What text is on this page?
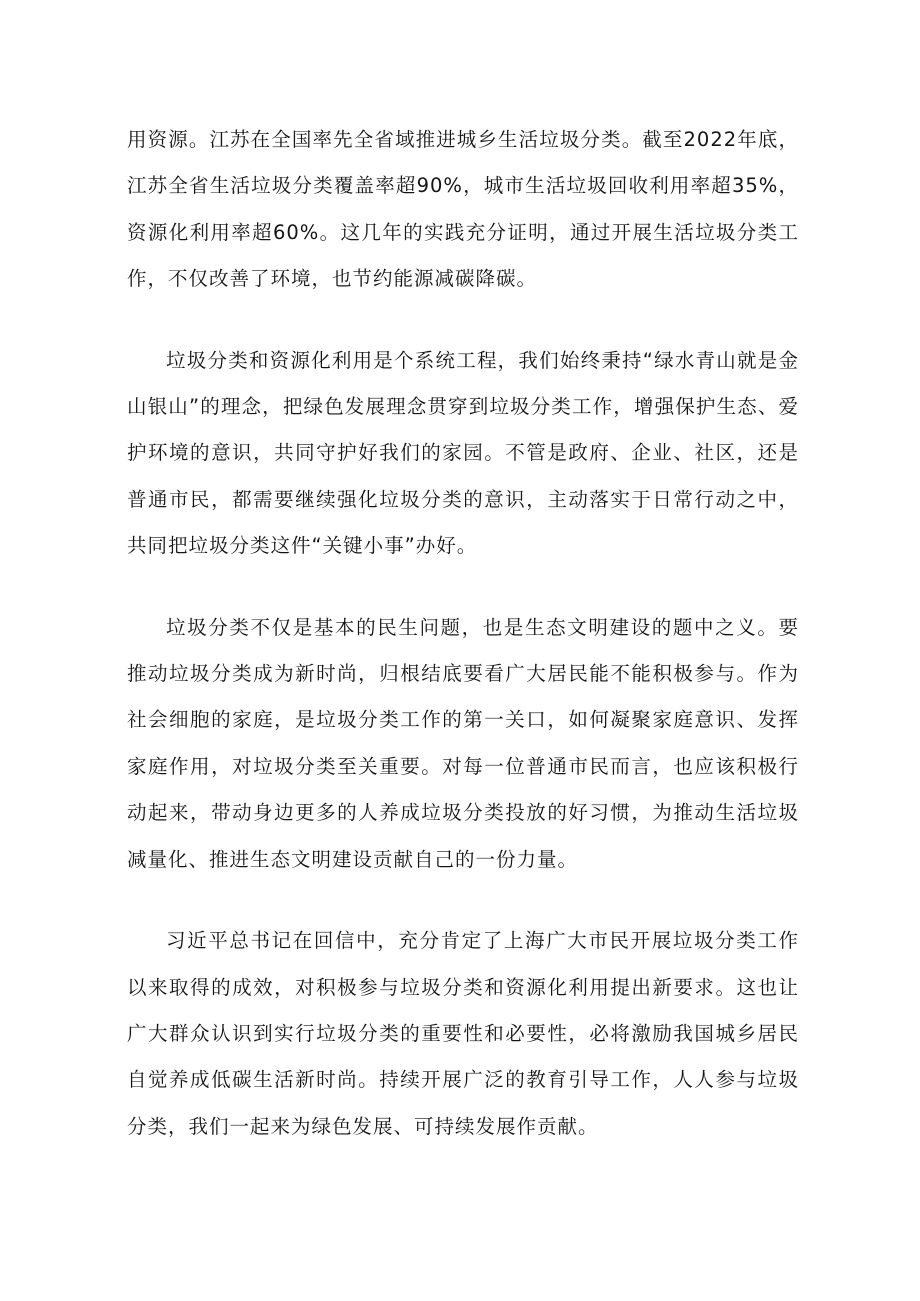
用资源。江苏在全国率先全省域推进城乡生活垃圾分类。截至2022年底，江苏全省生活垃圾分类覆盖率超90%，城市生活垃圾回收利用率超35%，资源化利用率超60%。这几年的实践充分证明，通过开展生活垃圾分类工作，不仅改善了环境，也节约能源减碳降碳。

垃圾分类和资源化利用是个系统工程，我们始终秉持“绿水青山就是金山银山”的理念，把绿色发展理念贯穿到垃圾分类工作，增强保护生态、爱护环境的意识，共同守护好我们的家园。不管是政府、企业、社区，还是普通市民，都需要继续强化垃圾分类的意识，主动落实于日常行动之中，共同把垃圾分类这件“关键小事”办好。

垃圾分类不仅是基本的民生问题，也是生态文明建设的题中之义。要推动垃圾分类成为新时尚，归根结底要看广大居民能不能积极参与。作为社会细胞的家庭，是垃圾分类工作的第一关口，如何凝聚家庭意识、发挥家庭作用，对垃圾分类至关重要。对每一位普通市民而言，也应该积极行动起来，带动身边更多的人养成垃圾分类投放的好习惯，为推动生活垃圾减量化、推进生态文明建设贡献自己的一份力量。

习近平总书记在回信中，充分肯定了上海广大市民开展垃圾分类工作以来取得的成效，对积极参与垃圾分类和资源化利用提出新要求。这也让广大群众认识到实行垃圾分类的重要性和必要性，必将激励我国城乡居民自觉养成低碳生活新时尚。持续开展广泛的教育引导工作，人人参与垃圾分类，我们一起来为绿色发展、可持续发展作贡献。
